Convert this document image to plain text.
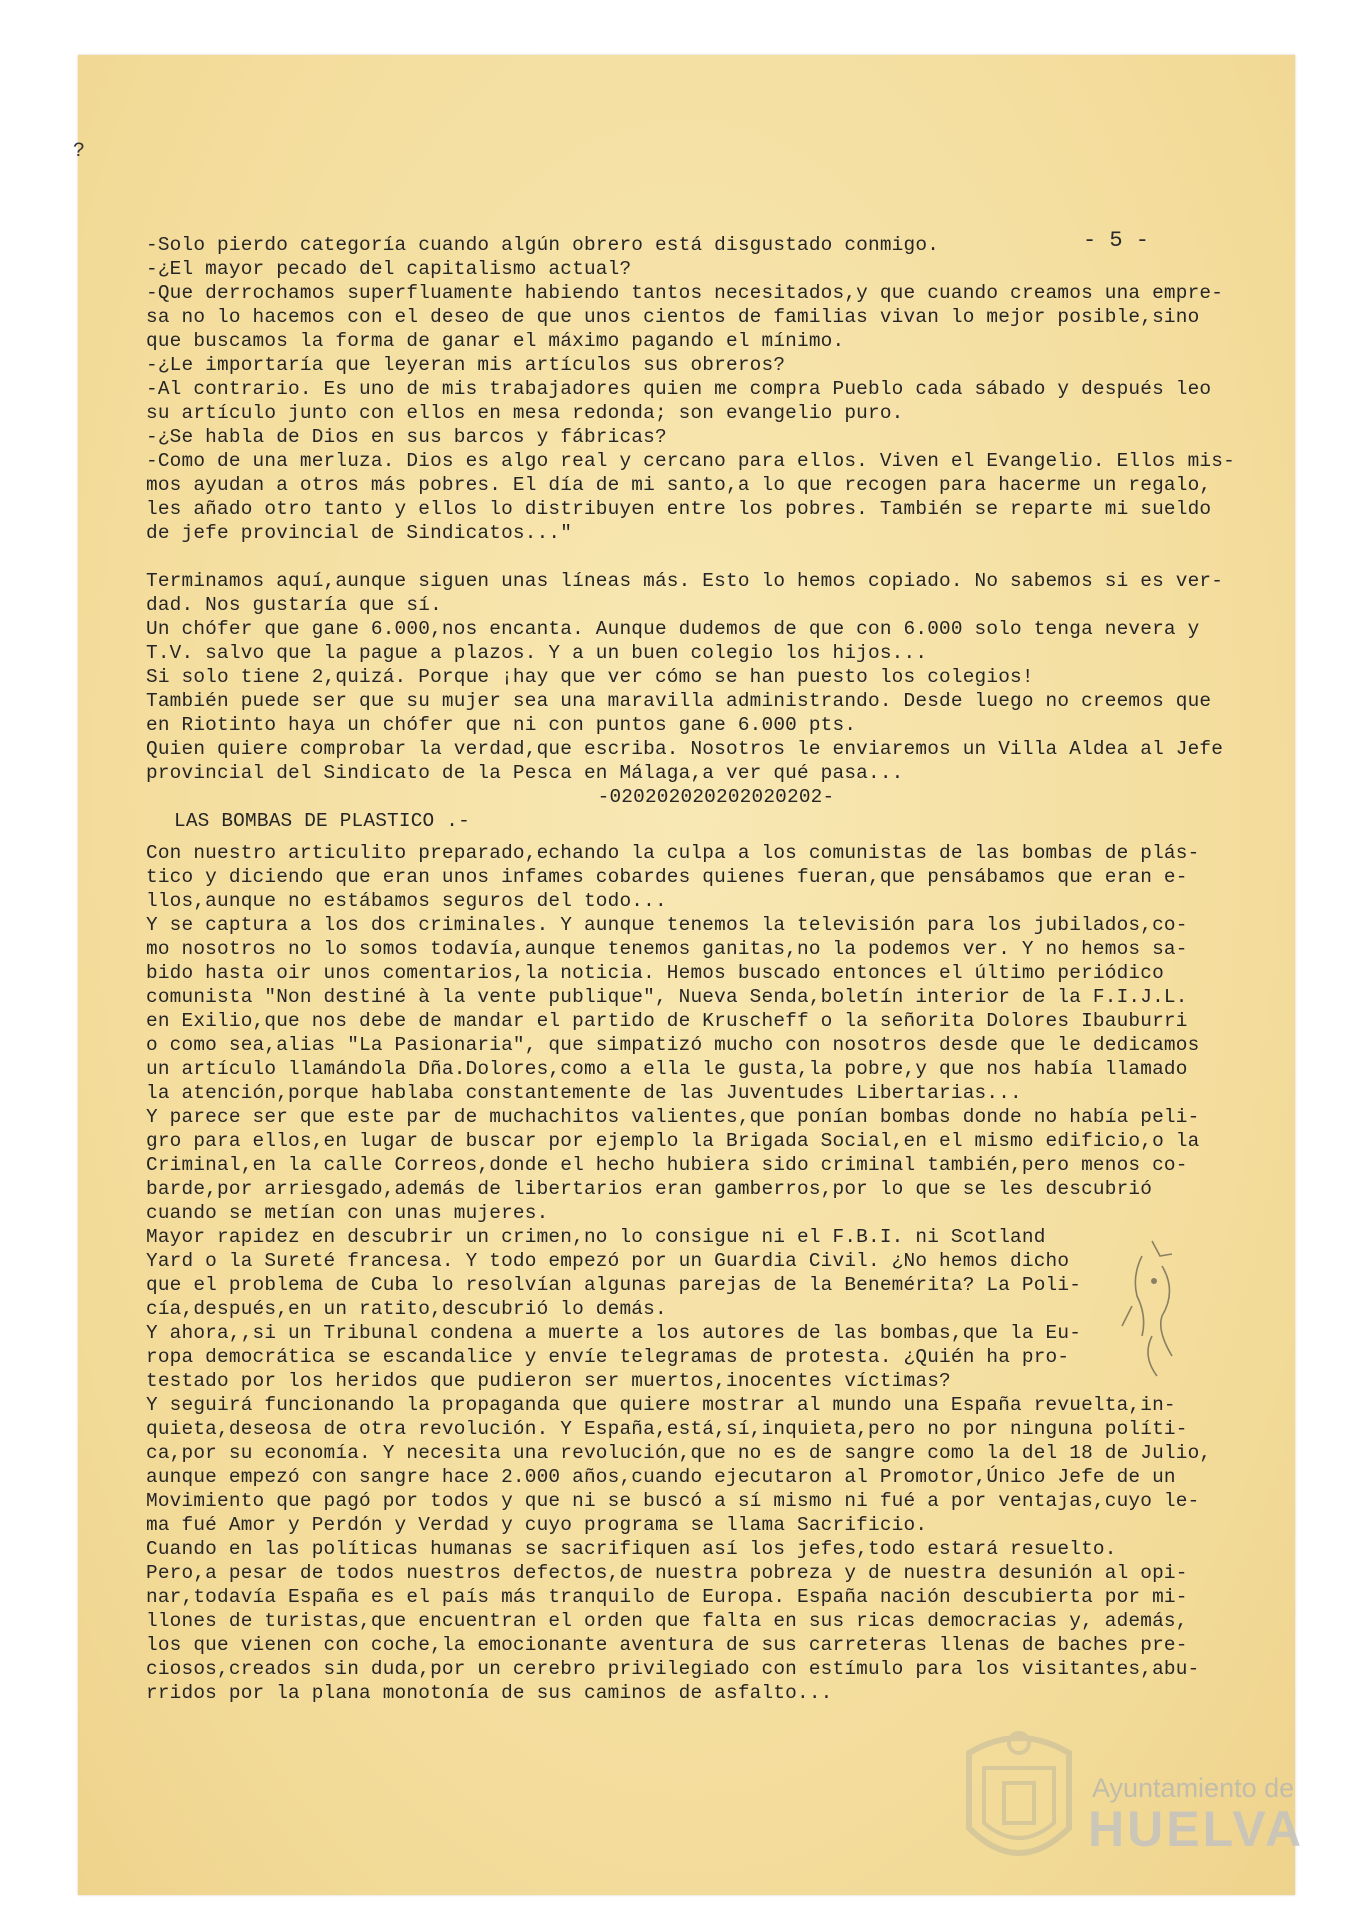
?
- 5 -
-Solo pierdo categoría cuando algún obrero está disgustado conmigo.
-¿El mayor pecado del capitalismo actual?
-Que derrochamos superfluamente habiendo tantos necesitados,y que cuando creamos una empre-
sa no lo hacemos con el deseo de que unos cientos de familias vivan lo mejor posible,sino
que buscamos la forma de ganar el máximo pagando el mínimo.
-¿Le importaría que leyeran mis artículos sus obreros?
-Al contrario. Es uno de mis trabajadores quien me compra Pueblo cada sábado y después leo
su artículo junto con ellos en mesa redonda; son evangelio puro.
-¿Se habla de Dios en sus barcos y fábricas?
-Como de una merluza. Dios es algo real y cercano para ellos. Viven el Evangelio. Ellos mis-
mos ayudan a otros más pobres. El día de mi santo,a lo que recogen para hacerme un regalo,
les añado otro tanto y ellos lo distribuyen entre los pobres. También se reparte mi sueldo
de jefe provincial de Sindicatos..."
Terminamos aquí,aunque siguen unas líneas más. Esto lo hemos copiado. No sabemos si es ver-
dad. Nos gustaría que sí.
Un chófer que gane 6.000,nos encanta. Aunque dudemos de que con 6.000 solo tenga nevera y
T.V. salvo que la pague a plazos. Y a un buen colegio los hijos...
Si solo tiene 2,quizá. Porque ¡hay que ver cómo se han puesto los colegios!
También puede ser que su mujer sea una maravilla administrando. Desde luego no creemos que
en Riotinto haya un chófer que ni con puntos gane 6.000 pts.
Quien quiere comprobar la verdad,que escriba. Nosotros le enviaremos un Villa Aldea al Jefe
provincial del Sindicato de la Pesca en Málaga,a ver qué pasa...
-020202020202020202-
LAS BOMBAS DE PLASTICO .-
Con nuestro articulito preparado,echando la culpa a los comunistas de las bombas de plás-
tico y diciendo que eran unos infames cobardes quienes fueran,que pensábamos que eran e-
llos,aunque no estábamos seguros del todo...
Y se captura a los dos criminales. Y aunque tenemos la televisión para los jubilados,co-
mo nosotros no lo somos todavía,aunque tenemos ganitas,no la podemos ver. Y no hemos sa-
bido hasta oir unos comentarios,la noticia. Hemos buscado entonces el último periódico
comunista "Non destiné à la vente publique", Nueva Senda,boletín interior de la F.I.J.L.
en Exilio,que nos debe de mandar el partido de Kruscheff o la señorita Dolores Ibauburri
o como sea,alias "La Pasionaria", que simpatizó mucho con nosotros desde que le dedicamos
un artículo llamándola Dña.Dolores,como a ella le gusta,la pobre,y que nos había llamado
la atención,porque hablaba constantemente de las Juventudes Libertarias...
Y parece ser que este par de muchachitos valientes,que ponían bombas donde no había peli-
gro para ellos,en lugar de buscar por ejemplo la Brigada Social,en el mismo edificio,o la
Criminal,en la calle Correos,donde el hecho hubiera sido criminal también,pero menos co-
barde,por arriesgado,además de libertarios eran gamberros,por lo que se les descubrió
cuando se metían con unas mujeres.
Mayor rapidez en descubrir un crimen,no lo consigue ni el F.B.I. ni Scotland
Yard o la Sureté francesa. Y todo empezó por un Guardia Civil. ¿No hemos dicho
que el problema de Cuba lo resolvían algunas parejas de la Benemérita? La Poli-
cía,después,en un ratito,descubrió lo demás.
Y ahora,,si un Tribunal condena a muerte a los autores de las bombas,que la Eu-
ropa democrática se escandalice y envíe telegramas de protesta. ¿Quién ha pro-
testado por los heridos que pudieron ser muertos,inocentes víctimas?
Y seguirá funcionando la propaganda que quiere mostrar al mundo una España revuelta,in-
quieta,deseosa de otra revolución. Y España,está,sí,inquieta,pero no por ninguna políti-
ca,por su economía. Y necesita una revolución,que no es de sangre como la del 18 de Julio,
aunque empezó con sangre hace 2.000 años,cuando ejecutaron al Promotor,Único Jefe de un
Movimiento que pagó por todos y que ni se buscó a sí mismo ni fué a por ventajas,cuyo le-
ma fué Amor y Perdón y Verdad y cuyo programa se llama Sacrificio.
Cuando en las políticas humanas se sacrifiquen así los jefes,todo estará resuelto.
Pero,a pesar de todos nuestros defectos,de nuestra pobreza y de nuestra desunión al opi-
nar,todavía España es el país más tranquilo de Europa. España nación descubierta por mi-
llones de turistas,que encuentran el orden que falta en sus ricas democracias y, además,
los que vienen con coche,la emocionante aventura de sus carreteras llenas de baches pre-
ciosos,creados sin duda,por un cerebro privilegiado con estímulo para los visitantes,abu-
rridos por la plana monotonía de sus caminos de asfalto...
Ayuntamiento de
HUELVA
